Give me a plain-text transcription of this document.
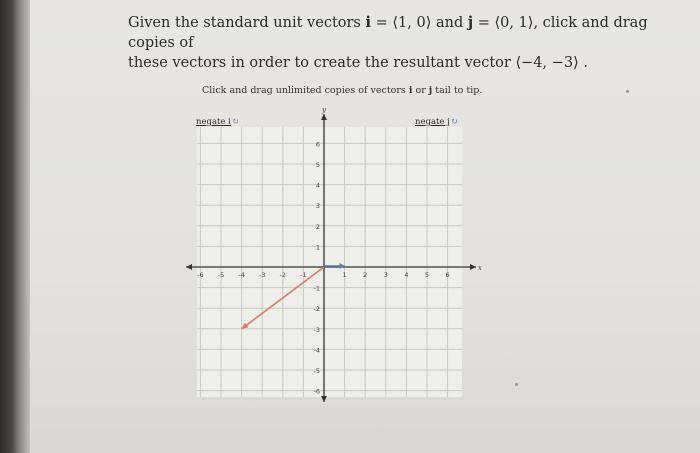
Given the standard unit vectors i = ⟨1, 0⟩ and j = ⟨0, 1⟩, click and drag copies of
these vectors in order to create the resultant vector ⟨−4, −3⟩ .
Click and drag unlimited copies of vectors i or j tail to tip.
negate i↻	negate j↻
-6 -5 -4 -3 -2 -1	1	2	3	4	5	6
6
5
4
3
2
1
-1
-2
-3
-4
-5
-6
x
y
